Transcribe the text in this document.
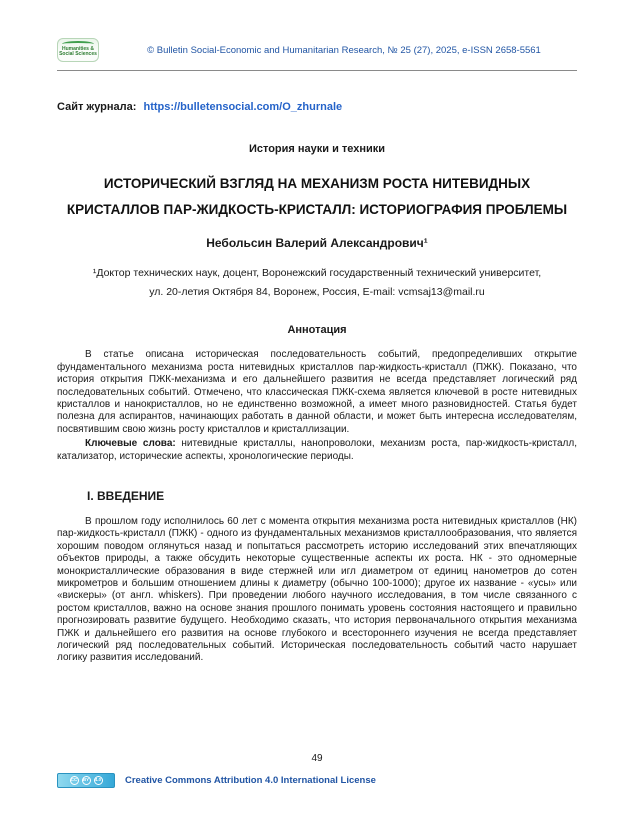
Humanities & Social Sciences	© Bulletin Social-Economic and Humanitarian Research, № 25 (27), 2025, e-ISSN 2658-5561

Сайт журнала: https://bulletensocial.com/O_zhurnale

История науки и техники

ИСТОРИЧЕСКИЙ ВЗГЛЯД НА МЕХАНИЗМ РОСТА НИТЕВИДНЫХ КРИСТАЛЛОВ ПАР-ЖИДКОСТЬ-КРИСТАЛЛ: ИСТОРИОГРАФИЯ ПРОБЛЕМЫ

Небольсин Валерий Александрович¹

¹Доктор технических наук, доцент, Воронежский государственный технический университет,
ул. 20-летия Октября 84, Воронеж, Россия, E-mail: vcmsaj13@mail.ru

Аннотация

В статье описана историческая последовательность событий, предопределивших открытие фундаментального механизма роста нитевидных кристаллов пар-жидкость-кристалл (ПЖК). Показано, что история открытия ПЖК-механизма и его дальнейшего развития не всегда представляет логический ряд последовательных событий. Отмечено, что классическая ПЖК-схема является ключевой в росте нитевидных кристаллов и нанокристаллов, но не единственно возможной, а имеет много разновидностей. Статья будет полезна для аспирантов, начинающих работать в данной области, и может быть интересна исследователям, посвятившим свою жизнь росту кристаллов и кристаллизации.

Ключевые слова: нитевидные кристаллы, нанопроволоки, механизм роста, пар-жидкость-кристалл, катализатор, исторические аспекты, хронологические периоды.

I. ВВЕДЕНИЕ

В прошлом году исполнилось 60 лет с момента открытия механизма роста нитевидных кристаллов (НК) пар-жидкость-кристалл (ПЖК) - одного из фундаментальных механизмов кристаллообразования, что является хорошим поводом оглянуться назад и попытаться рассмотреть историю исследований этих впечатляющих объектов природы, а также обсудить некоторые существенные аспекты их роста. НК - это одномерные монокристаллические образования в виде стержней или игл диаметром от единиц нанометров до сотен микрометров и большим отношением длины к диаметру (обычно 100-1000); другое их название - «усы» или «вискеры» (от англ. whiskers). При проведении любого научного исследования, в том числе связанного с ростом кристаллов, важно на основе знания прошлого понимать уровень состояния настоящего и правильно прогнозировать развитие будущего. Необходимо сказать, что история первоначального открытия механизма ПЖК и дальнейшего его развития на основе глубокого и всестороннего изучения не всегда представляет логический ряд последовательных событий. Историческая последовательность событий часто нарушает логику развития исследований.

49
CC	BY	4.0	Creative Commons Attribution 4.0 International License
